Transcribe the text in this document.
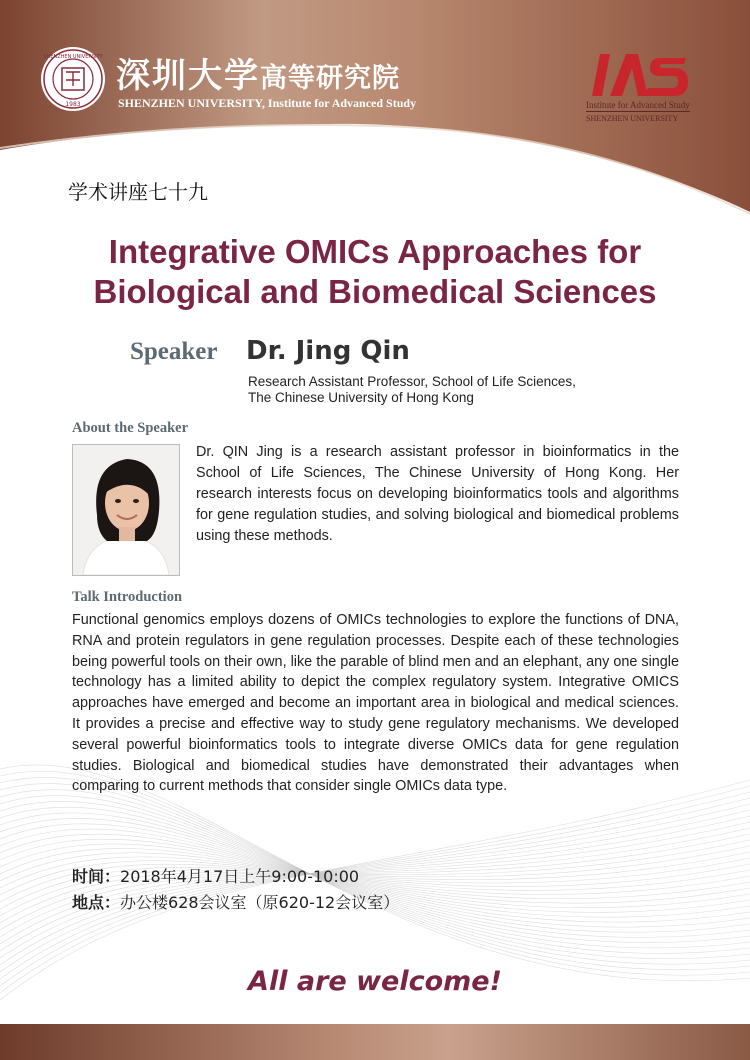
SHENZHEN UNIVERSITY
1983
深圳大学高等研究院
SHENZHEN UNIVERSITY, Institute for Advanced Study	Institute for Advanced Study
SHENZHEN UNIVERSITY
学术讲座七十九
Integrative OMICs Approaches for
Biological and Biomedical Sciences
Speaker Dr. Jing Qin
Research Assistant Professor, School of Life Sciences,
The Chinese University of Hong Kong
About the Speaker
Dr. QIN Jing is a research assistant professor in bioinformatics in the School of Life Sciences, The Chinese University of Hong Kong. Her research interests focus on developing bioinformatics tools and algorithms for gene regulation studies, and solving biological and biomedical problems using these methods.
Talk Introduction
Functional genomics employs dozens of OMICs technologies to explore the functions of DNA, RNA and protein regulators in gene regulation processes. Despite each of these technologies being powerful tools on their own, like the parable of blind men and an elephant, any one single technology has a limited ability to depict the complex regulatory system. Integrative OMICS approaches have emerged and become an important area in biological and medical sciences. It provides a precise and effective way to study gene regulatory mechanisms. We developed several powerful bioinformatics tools to integrate diverse OMICs data for gene regulation studies. Biological and biomedical studies have demonstrated their advantages when comparing to current methods that consider single OMICs data type.
时间：2018年4月17日上午9:00-10:00
地点：办公楼628会议室（原620-12会议室）
All are welcome!
